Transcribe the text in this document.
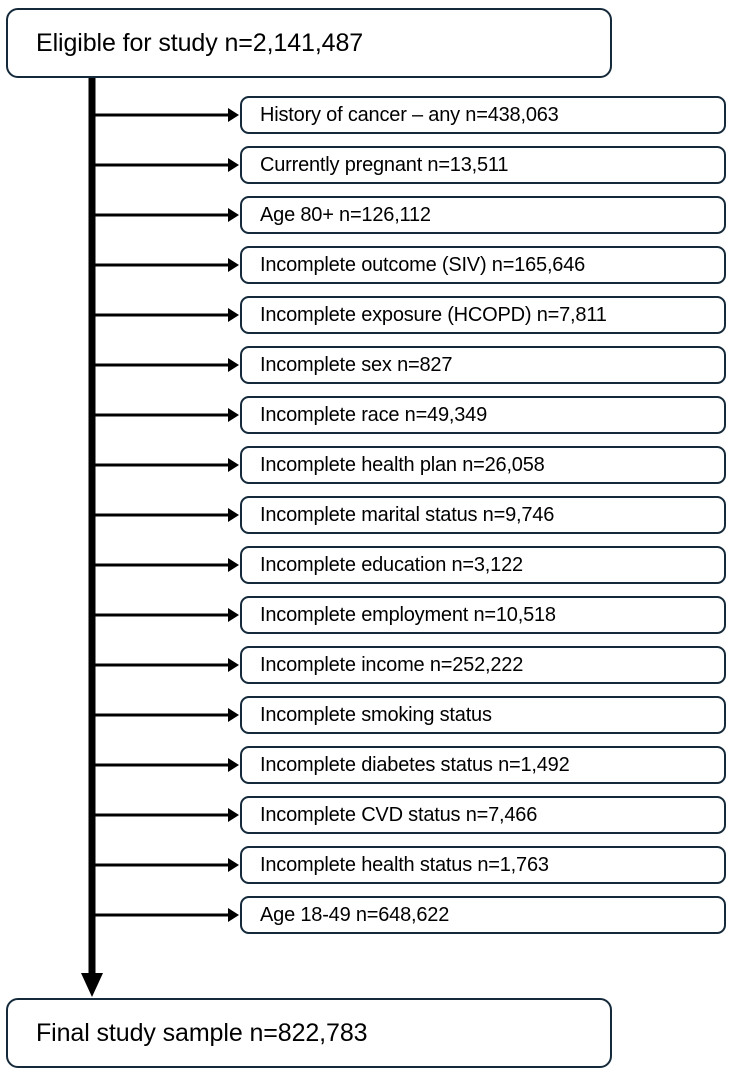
Eligible for study n=2,141,487
History of cancer – any n=438,063
Currently pregnant n=13,511
Age 80+ n=126,112
Incomplete outcome (SIV) n=165,646
Incomplete exposure (HCOPD) n=7,811
Incomplete sex n=827
Incomplete race n=49,349
Incomplete health plan n=26,058
Incomplete marital status n=9,746
Incomplete education n=3,122
Incomplete employment n=10,518
Incomplete income n=252,222
Incomplete smoking status
Incomplete diabetes status n=1,492
Incomplete CVD status n=7,466
Incomplete health status n=1,763
Age 18-49 n=648,622
Final study sample n=822,783
